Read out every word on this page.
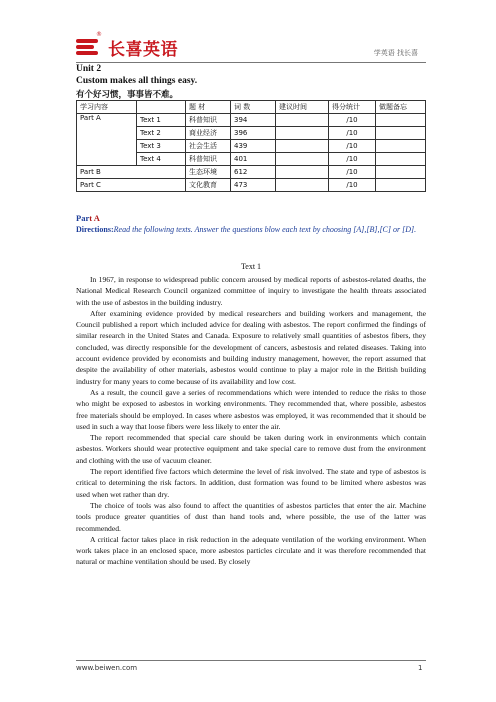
®
长喜英语	学英语 找长喜
Unit 2
Custom makes all things easy.
有个好习惯，事事皆不难。
学习内容		题 材	词 数	建议时间	得分统计	做题备忘
Part A	Text 1	科普知识	394		/10	
	Text 2	商业经济	396		/10	
	Text 3	社会生活	439		/10	
	Text 4	科普知识	401		/10	
Part B		生态环境	612		/10	
Part C		文化教育	473		/10	
Part A
Directions:Read the following texts. Answer the questions blow each text by choosing [A],[B],[C] or [D].
Text 1

In 1967, in response to widespread public concern aroused by medical reports of asbestos-related deaths, the National Medical Research Council organized committee of inquiry to investigate the health threats associated with the use of asbestos in the building industry.

After examining evidence provided by medical researchers and building workers and management, the Council published a report which included advice for dealing with asbestos. The report confirmed the findings of similar research in the United States and Canada. Exposure to relatively small quantities of asbestos fibers, they concluded, was directly responsible for the development of cancers, asbestosis and related diseases. Taking into account evidence provided by economists and building industry management, however, the report assumed that despite the availability of other materials, asbestos would continue to play a major role in the British building industry for many years to come because of its availability and low cost.

As a result, the council gave a series of recommendations which were intended to reduce the risks to those who might be exposed to asbestos in working environments. They recommended that, where possible, asbestos free materials should be employed. In cases where asbestos was employed, it was recommended that it should be used in such a way that loose fibers were less likely to enter the air.

The report recommended that special care should be taken during work in environments which contain asbestos. Workers should wear protective equipment and take special care to remove dust from the environment and clothing with the use of vacuum cleaner.

The report identified five factors which determine the level of risk involved. The state and type of asbestos is critical to determining the risk factors. In addition, dust formation was found to be limited where asbestos was used when wet rather than dry.

The choice of tools was also found to affect the quantities of asbestos particles that enter the air. Machine tools produce greater quantities of dust than hand tools and, where possible, the use of the latter was recommended.

A critical factor takes place in risk reduction in the adequate ventilation of the working environment. When work takes place in an enclosed space, more asbestos particles circulate and it was therefore recommended that natural or machine ventilation should be used. By closely

www.beiwen.com	1
